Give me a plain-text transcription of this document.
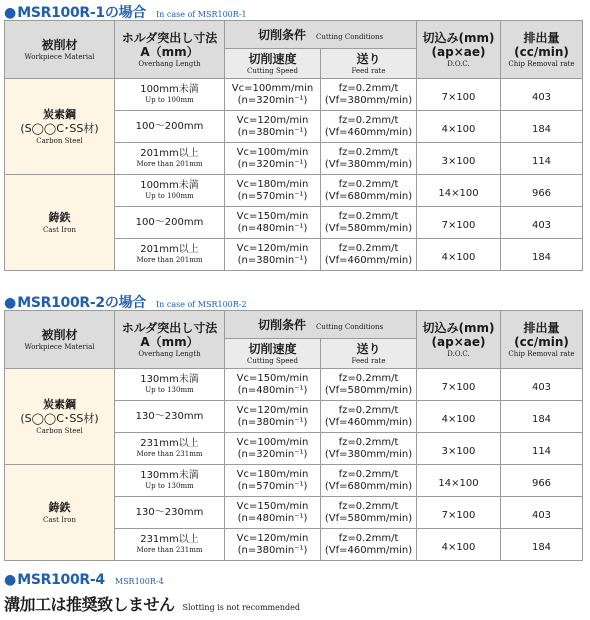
● MSR100R-1の場合 In case of MSR100R-1
被削材
Workpiece Material	ホルダ突出し寸法
A（mm）
Overhang Length	切削条件 Cutting Conditions		切込み(mm)
(ap×ae)
D.O.C.	排出量
(cc/min)
Chip Removal rate

		切削速度
Cutting Speed	送り
Feed rate		

炭素鋼
(S◯◯C･SS材)
Carbon Steel	100mm未満
Up to 100mm	Vc=100mm/min
(n=320min⁻¹)	fz=0.2mm/t
(Vf=380mm/min)	7×100	403

	100～200mm	Vc=120m/min
(n=380min⁻¹)	fz=0.2mm/t
(Vf=460mm/min)	4×100	184

	201mm以上
More than 201mm	Vc=100m/min
(n=320min⁻¹)	fz=0.2mm/t
(Vf=380mm/min)	3×100	114

鋳鉄
Cast Iron	100mm未満
Up to 100mm	Vc=180m/min
(n=570min⁻¹)	fz=0.2mm/t
(Vf=680mm/min)	14×100	966

	100～200mm	Vc=150m/min
(n=480min⁻¹)	fz=0.2mm/t
(Vf=580mm/min)	7×100	403

	201mm以上
More than 201mm	Vc=120m/min
(n=380min⁻¹)	fz=0.2mm/t
(Vf=460mm/min)	4×100	184
● MSR100R-2の場合 In case of MSR100R-2
被削材
Workpiece Material	ホルダ突出し寸法
A（mm）
Overhang Length	切削条件 Cutting Conditions		切込み(mm)
(ap×ae)
D.O.C.	排出量
(cc/min)
Chip Removal rate

		切削速度
Cutting Speed	送り
Feed rate		

炭素鋼
(S◯◯C･SS材)
Carbon Steel	130mm未満
Up to 130mm	Vc=150m/min
(n=480min⁻¹)	fz=0.2mm/t
(Vf=580mm/min)	7×100	403

	130～230mm	Vc=120m/min
(n=380min⁻¹)	fz=0.2mm/t
(Vf=460mm/min)	4×100	184

	231mm以上
More than 231mm	Vc=100m/min
(n=320min⁻¹)	fz=0.2mm/t
(Vf=380mm/min)	3×100	114

鋳鉄
Cast Iron	130mm未満
Up to 130mm	Vc=180m/min
(n=570min⁻¹)	fz=0.2mm/t
(Vf=680mm/min)	14×100	966

	130～230mm	Vc=150m/min
(n=480min⁻¹)	fz=0.2mm/t
(Vf=580mm/min)	7×100	403

	231mm以上
More than 231mm	Vc=120m/min
(n=380min⁻¹)	fz=0.2mm/t
(Vf=460mm/min)	4×100	184
● MSR100R-4 MSR100R-4
溝加工は推奨致しません Slotting is not recommended
